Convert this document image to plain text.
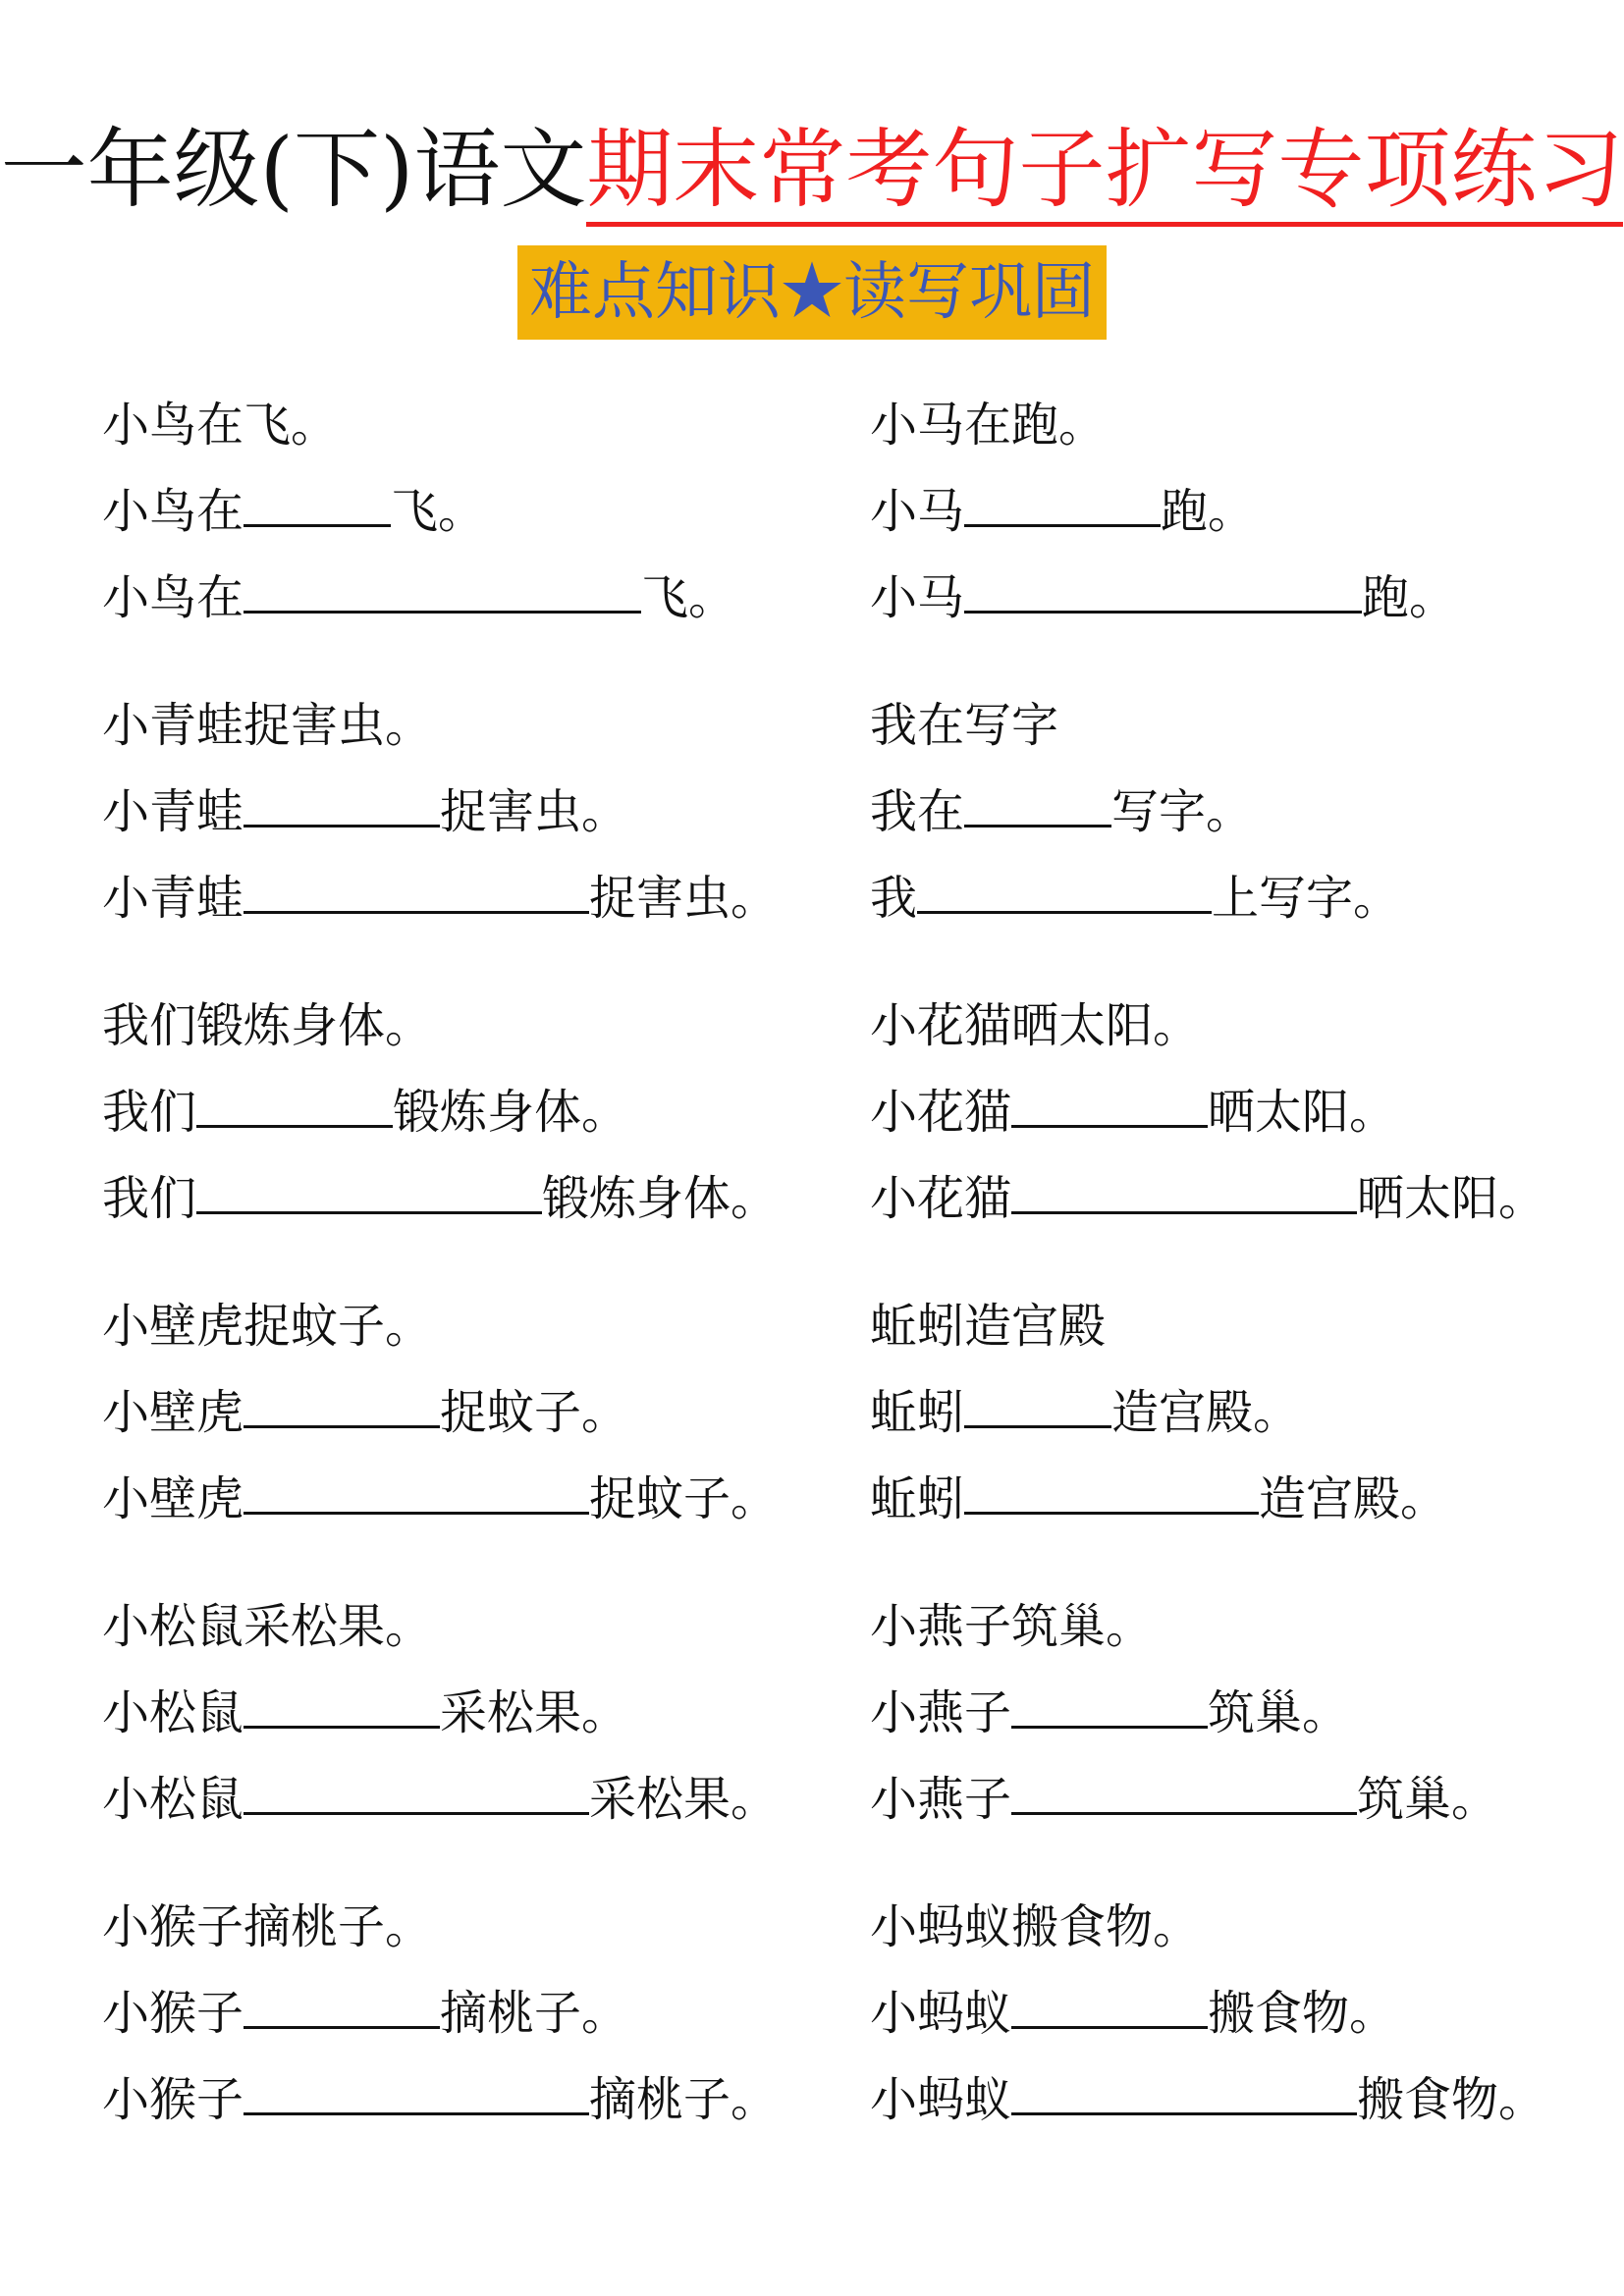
一年级(下)语文期末常考句子扩写专项练习
难点知识★读写巩固
小鸟在飞。
小鸟在	飞。
小鸟在	飞。
小青蛙捉害虫。
小青蛙	捉害虫。
小青蛙	捉害虫。
我们锻炼身体。
我们	锻炼身体。
我们	锻炼身体。
小壁虎捉蚊子。
小壁虎	捉蚊子。
小壁虎	捉蚊子。
小松鼠采松果。
小松鼠	采松果。
小松鼠	采松果。
小猴子摘桃子。
小猴子	摘桃子。
小猴子	摘桃子。
小马在跑。
小马	跑。
小马	跑。
我在写字
我在	写字。
我	上写字。
小花猫晒太阳。
小花猫	晒太阳。
小花猫	晒太阳。
蚯蚓造宫殿
蚯蚓	造宫殿。
蚯蚓	造宫殿。
小燕子筑巢。
小燕子	筑巢。
小燕子	筑巢。
小蚂蚁搬食物。
小蚂蚁	搬食物。
小蚂蚁	搬食物。
